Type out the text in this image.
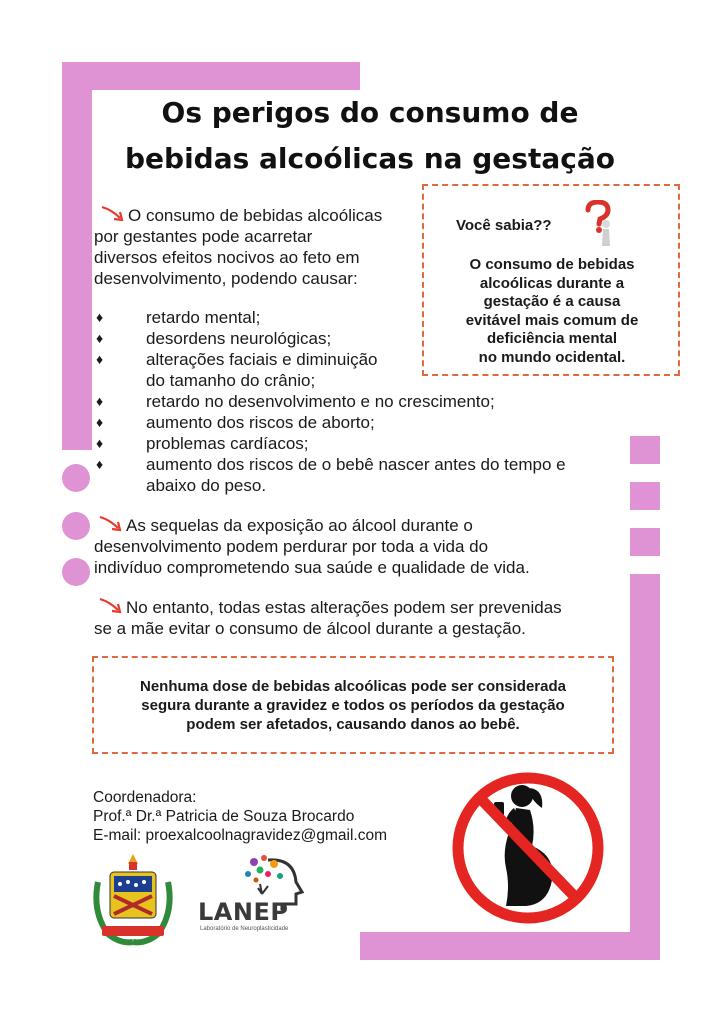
Os perigos do consumo de
bebidas alcoólicas na gestação
O consumo de bebidas alcoólicas
por gestantes pode acarretar
diversos efeitos nocivos ao feto em
desenvolvimento, podendo causar:
Você sabia??
O consumo de bebidas
alcoólicas durante a
gestação é a causa
evitável mais comum de
deficiência mental
no mundo ocidental.
♦	retardo mental;
♦	desordens neurológicas;
♦	alterações faciais e diminuição
do tamanho do crânio;
♦	retardo no desenvolvimento e no crescimento;
♦	aumento dos riscos de aborto;
♦	problemas cardíacos;
♦	aumento dos riscos de o bebê nascer antes do tempo e
abaixo do peso.
As sequelas da exposição ao álcool durante o
desenvolvimento podem perdurar por toda a vida do
indivíduo comprometendo sua saúde e qualidade de vida.
No entanto, todas estas alterações podem ser prevenidas
se a mãe evitar o consumo de álcool durante a gestação.
Nenhuma dose de bebidas alcoólicas pode ser considerada
segura durante a gravidez e todos os períodos da gestação
podem ser afetados, causando danos ao bebê.
Coordenadora:
Prof.ª Dr.ª Patricia de Souza Brocardo
E-mail: proexalcoolnagravidez@gmail.com
LANEP
Laboratório de Neuroplasticidade
